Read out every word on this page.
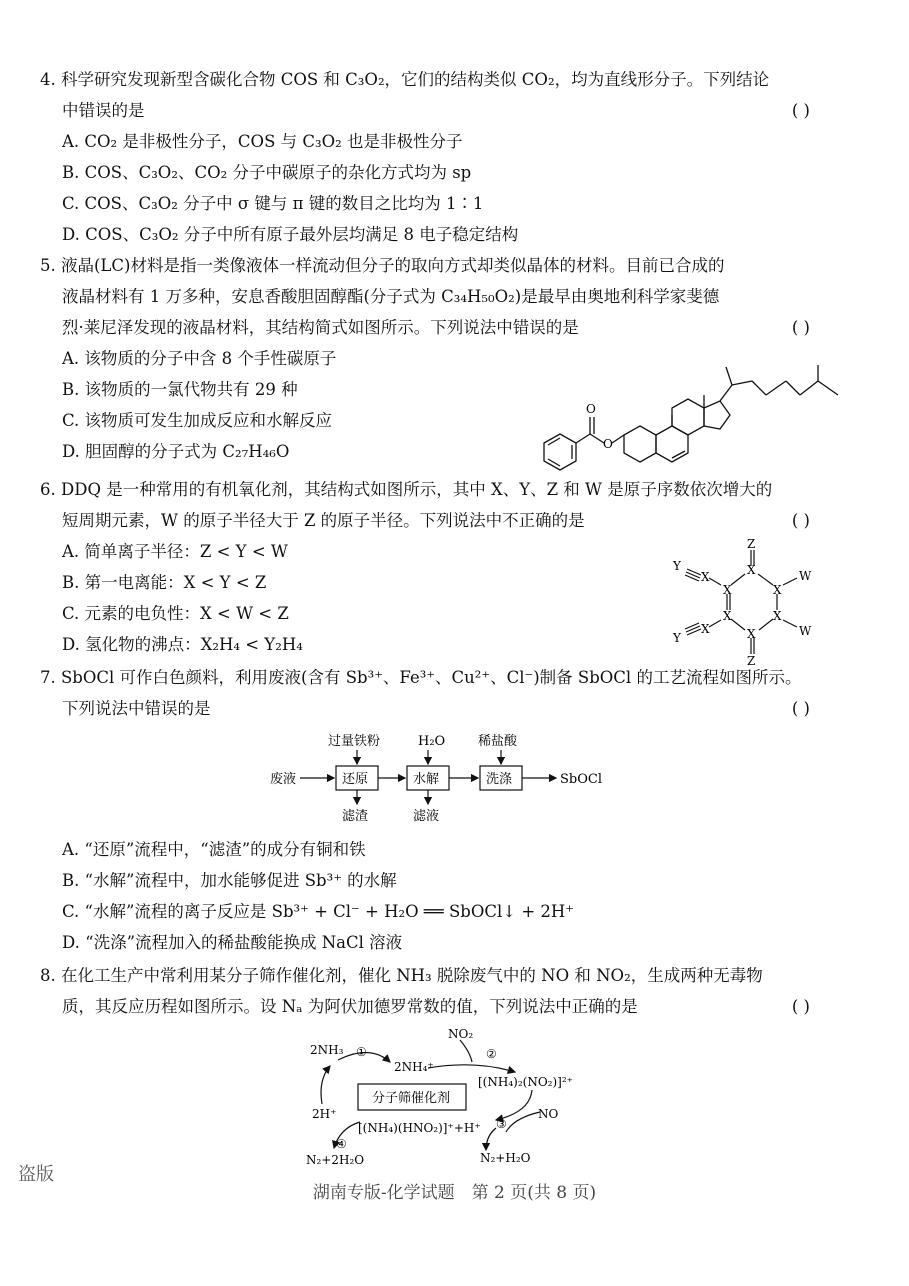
4. 科学研究发现新型含碳化合物 COS 和 C₃O₂，它们的结构类似 CO₂，均为直线形分子。下列结论
中错误的是	( )
A. CO₂ 是非极性分子，COS 与 C₃O₂ 也是非极性分子
B. COS、C₃O₂、CO₂ 分子中碳原子的杂化方式均为 sp
C. COS、C₃O₂ 分子中 σ 键与 π 键的数目之比均为 1∶1
D. COS、C₃O₂ 分子中所有原子最外层均满足 8 电子稳定结构
5. 液晶(LC)材料是指一类像液体一样流动但分子的取向方式却类似晶体的材料。目前已合成的
液晶材料有 1 万多种，安息香酸胆固醇酯(分子式为 C₃₄H₅₀O₂)是最早由奥地利科学家斐德
烈·莱尼泽发现的液晶材料，其结构简式如图所示。下列说法中错误的是	( )
A. 该物质的分子中含 8 个手性碳原子
B. 该物质的一氯代物共有 29 种
C. 该物质可发生加成反应和水解反应
D. 胆固醇的分子式为 C₂₇H₄₆O
O
O
6. DDQ 是一种常用的有机氧化剂，其结构式如图所示，其中 X、Y、Z 和 W 是原子序数依次增大的
短周期元素，W 的原子半径大于 Z 的原子半径。下列说法中不正确的是	( )
A. 简单离子半径：Z < Y < W
B. 第一电离能：X < Y < Z
C. 元素的电负性：X < W < Z
D. 氢化物的沸点：X₂H₄ < Y₂H₄
Z
X
X	X
X	X
X
Z
W
W
X
X
Y
Y
7. SbOCl 可作白色颜料，利用废液(含有 Sb³⁺、Fe³⁺、Cu²⁺、Cl⁻)制备 SbOCl 的工艺流程如图所示。
下列说法中错误的是	( )
废液
过量铁粉	H₂O	稀盐酸
还原	水解	洗涤
滤渣	滤液
SbOCl
A. “还原”流程中，“滤渣”的成分有铜和铁
B. “水解”流程中，加水能够促进 Sb³⁺ 的水解
C. “水解”流程的离子反应是 Sb³⁺ + Cl⁻ + H₂O ══ SbOCl↓ + 2H⁺
D. “洗涤”流程加入的稀盐酸能换成 NaCl 溶液
8. 在化工生产中常利用某分子筛作催化剂，催化 NH₃ 脱除废气中的 NO 和 NO₂，生成两种无毒物
质，其反应历程如图所示。设 Nₐ 为阿伏加德罗常数的值，下列说法中正确的是	( )
2NH₃ ①
2NH₄⁺
NO₂
②
[(NH₄)₂(NO₂)]²⁺
NO
③
N₂+H₂O
[(NH₄)(HNO₂)]⁺+H⁺
④
N₂+2H₂O
2H⁺
分子筛催化剂
盗版
湖南专版-化学试题　第 2 页(共 8 页)
